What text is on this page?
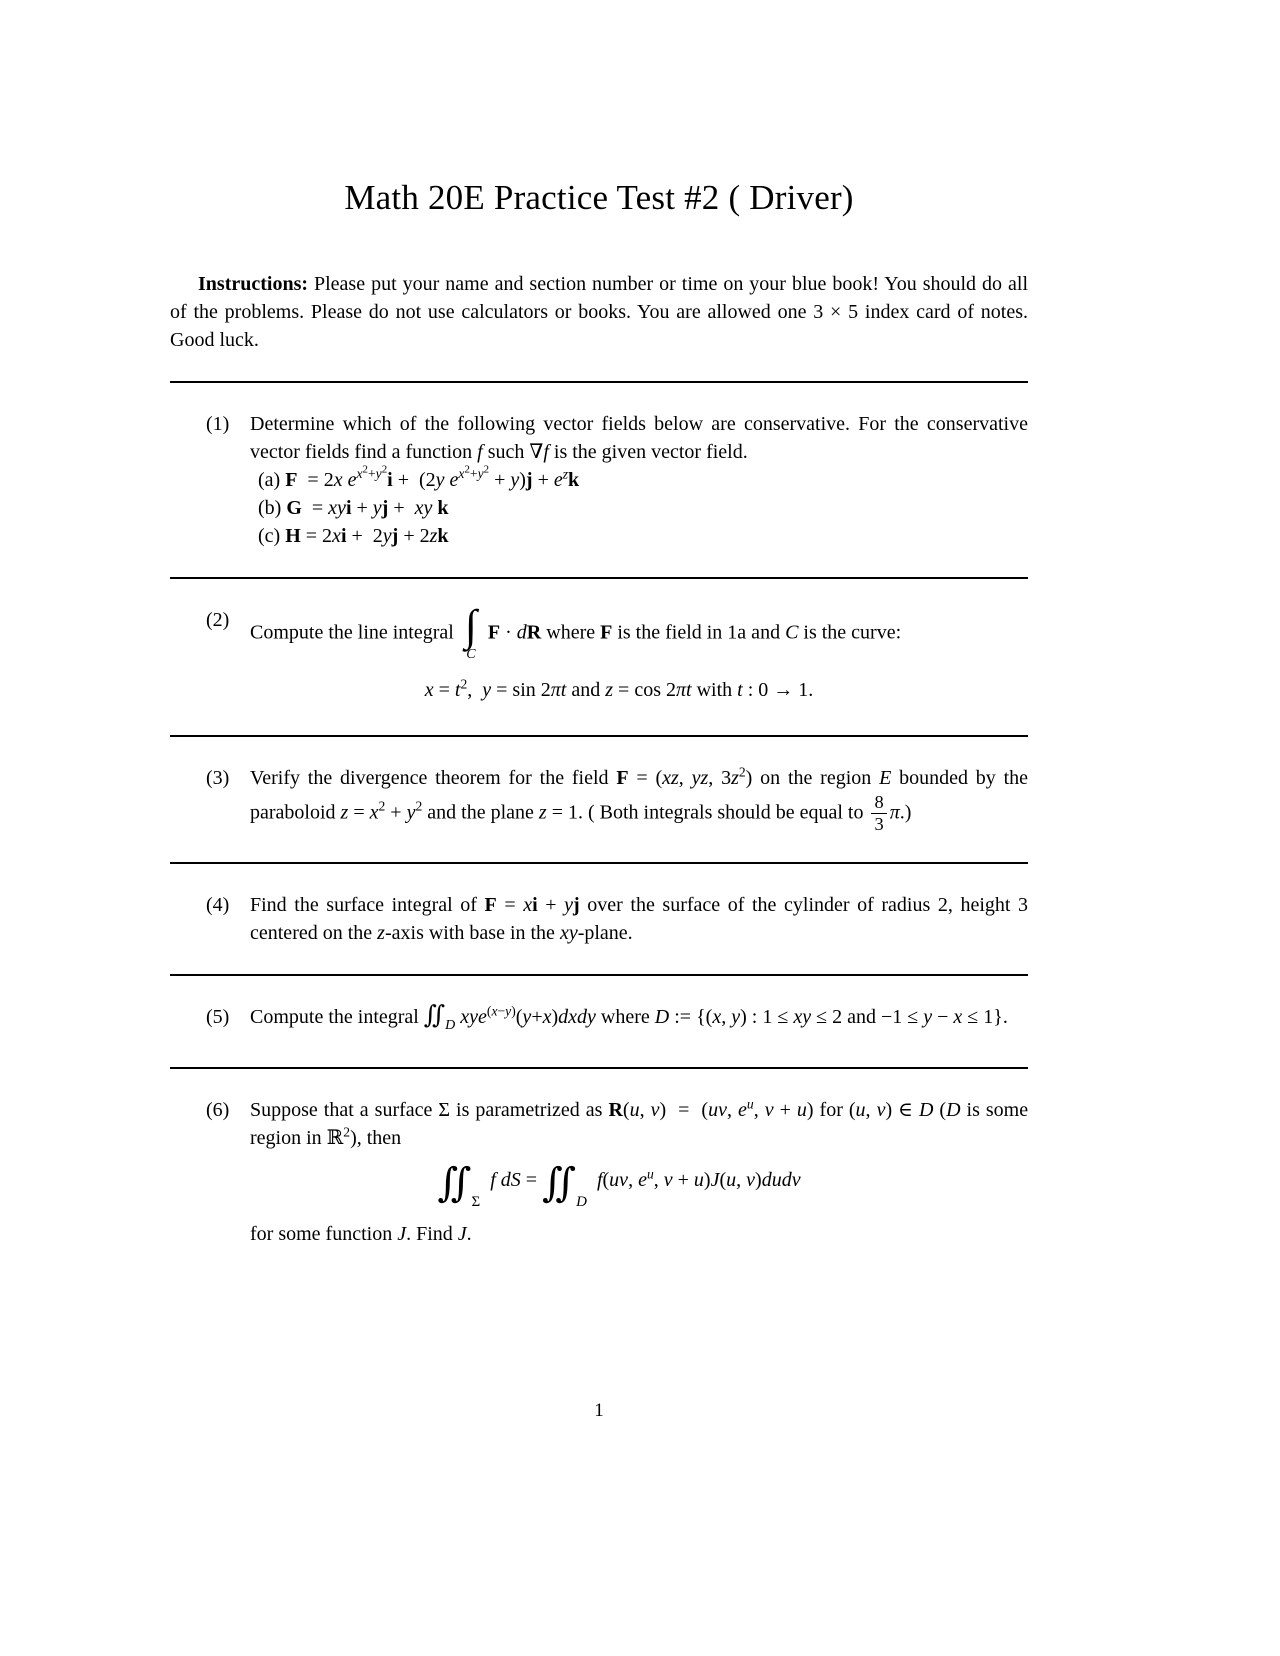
Math 20E Practice Test #2 ( Driver)

Instructions: Please put your name and section number or time on your blue book! You should do all of the problems. Please do not use calculators or books. You are allowed one 3 × 5 index card of notes. Good luck.

(1)	Determine which of the following vector fields below are conservative. For the conservative vector fields find a function f such ∇f is the given vector field.
(a) F  = 2x $e^{x^2+y^2}i + (2y$ $e^{x^2+y^2} + y)j + e^zk$
(b) G  = xyi + yj +  xy k
(c) H = 2xi +  2yj + 2zk
(2)
Compute the line integral ∫
C
F · dR where F is the field in 1a and C is the curve:
$x = t^2$,  y = sin 2πt and z = cos 2πt with t : 0 → 1.
(3)	Verify the divergence theorem for the field F = (xz, yz, $3z^2$) on the region E bounded by the paraboloid $z = x^2 + y^2$ and the plane z = 1. ( Both integrals should be equal to $\frac{8}{3} \pi$.)
(4)	Find the surface integral of F = xi + yj over the surface of the cylinder of radius 2, height 3 centered on the z-axis with base in the xy-plane.
(5)	Compute the integral $∬_D$ xye$^{(x-y)}$(y+x)dxdy where D := {(x, y) : 1 ≤ xy ≤ 2 and −1 ≤ y − x ≤ 1}.
(6)	Suppose that a surface Σ is parametrized as R(u, v)  =  (uv, $e^u$, v + u) for (u, v) ∈ D (D is some region in ℝ$^2$), then
$∬_\Sigma$ f dS = $∬_D$ f(uv, $e^u$, v + u)J(u, v)dudv
for some function J. Find J.
1
